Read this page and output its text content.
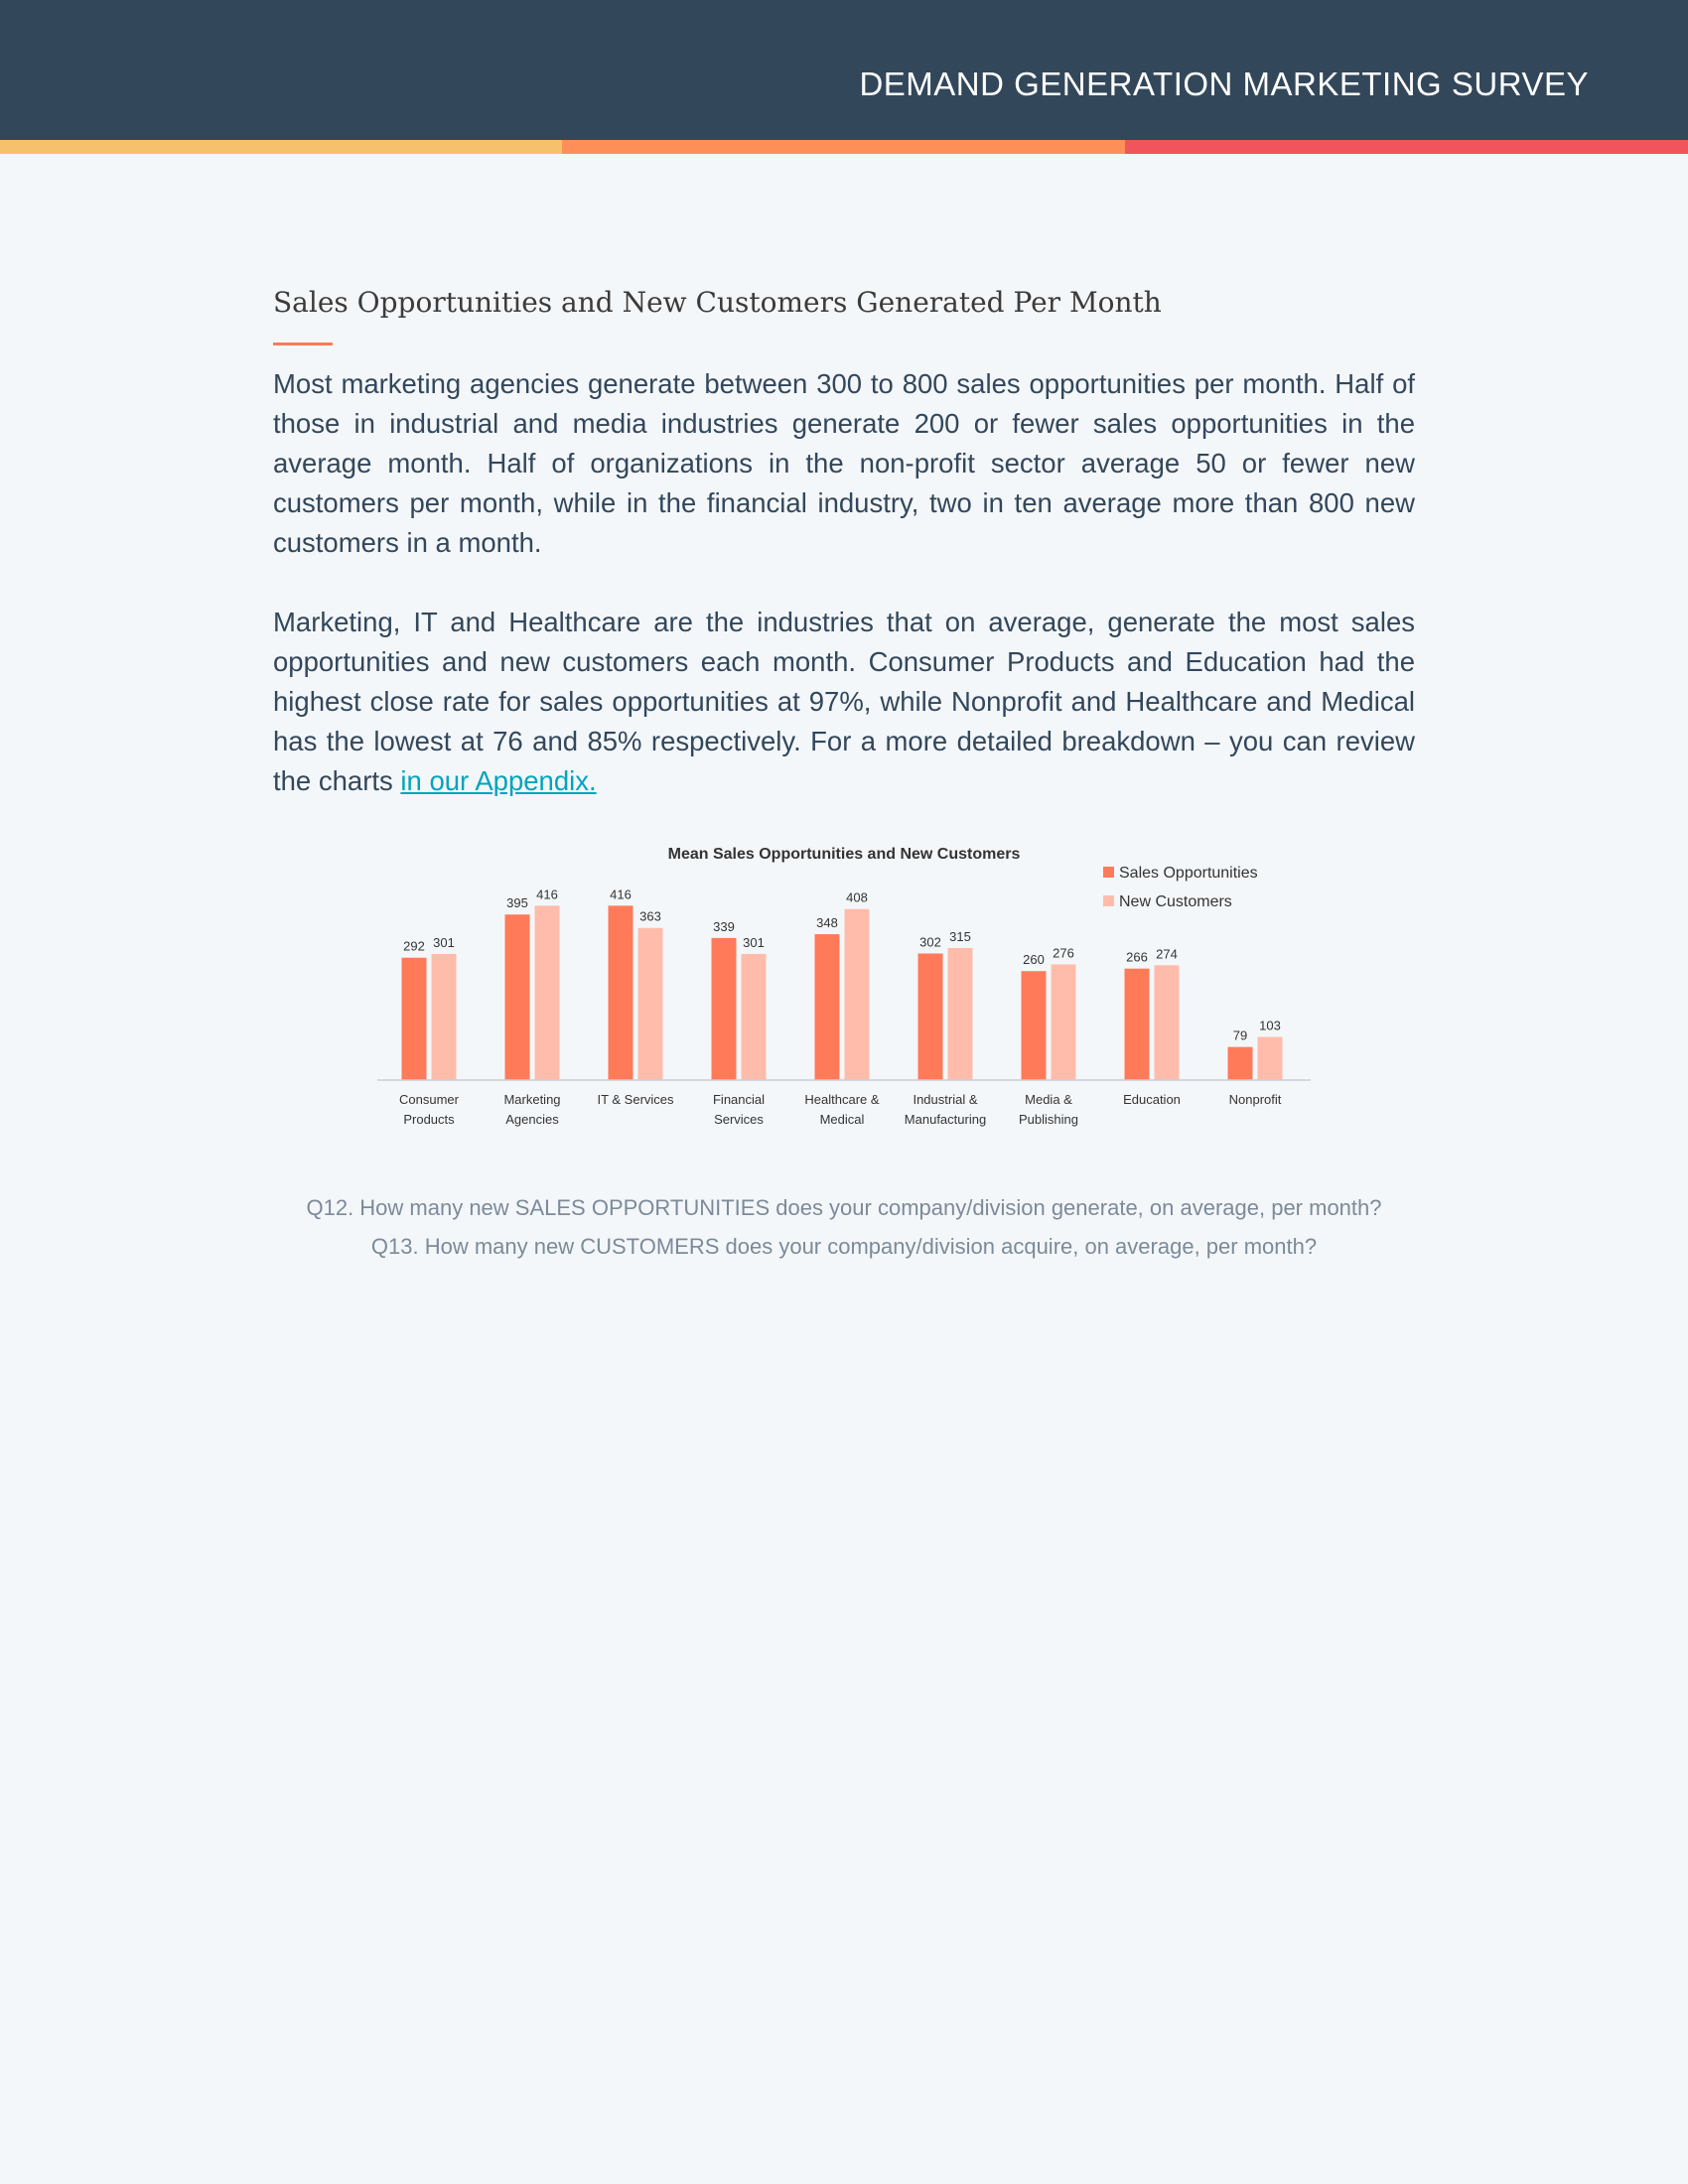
DEMAND GENERATION MARKETING SURVEY
Sales Opportunities and New Customers Generated Per Month

Most marketing agencies generate between 300 to 800 sales opportunities per month. Half of those in industrial and media industries generate 200 or fewer sales opportunities in the average month. Half of organizations in the non-profit sector average 50 or fewer new customers per month, while in the financial industry, two in ten average more than 800 new customers in a month.

Marketing, IT and Healthcare are the industries that on average, generate the most sales opportunities and new customers each month. Consumer Products and Education had the highest close rate for sales opportunities at 97%, while Nonprofit and Healthcare and Medical has the lowest at 76 and 85% respectively. For a more detailed breakdown – you can review the charts in our Appendix.

Mean Sales Opportunities and New Customers
Sales Opportunities
New Customers
292 301
395
416	416
363
339
301
348
408
302 315
260 276	266 274
79
103
Consumer
Products
Marketing
Agencies
IT & Services	Financial
Services
Healthcare &
Medical
Industrial &
Manufacturing
Media &
Publishing
Education	Nonprofit
Q12. How many new SALES OPPORTUNITIES does your company/division generate, on average, per month?
Q13. How many new CUSTOMERS does your company/division acquire, on average, per month?
